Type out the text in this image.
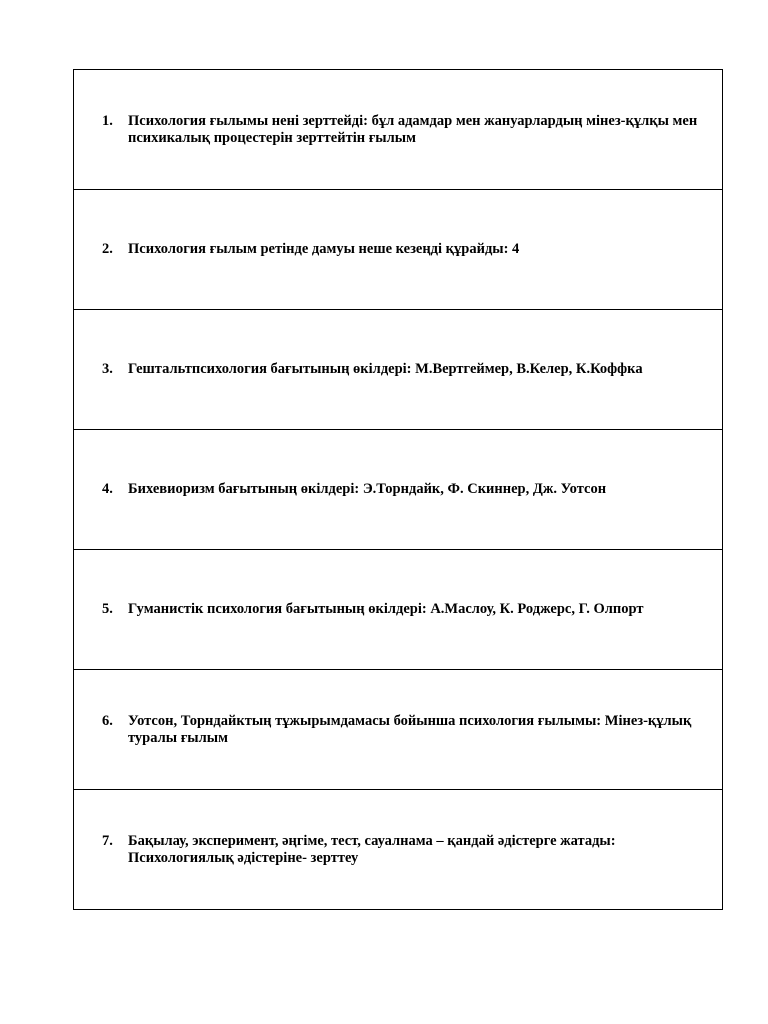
1.	Психология ғылымы нені зерттейді: бұл адамдар мен жануарлардың мінез-құлқы мен психикалық процестерін зерттейтін ғылым

2.	Психология ғылым ретінде дамуы неше кезеңді құрайды: 4

3.	Гештальтпсихология бағытының өкілдері: М.Вертгеймер, В.Келер, К.Коффка

4.	Бихевиоризм бағытының өкілдері: Э.Торндайк, Ф. Скиннер, Дж. Уотсон

5.	Гуманистік психология бағытының өкілдері: А.Маслоу, К. Роджерс, Г. Олпорт

6.	Уотсон, Торндайктың тұжырымдамасы бойынша психология ғылымы: Мінез-құлық туралы ғылым

7.	Бақылау, эксперимент, әңгіме, тест, сауалнама – қандай әдістерге жатады: Психологиялық әдістеріне- зерттеу
